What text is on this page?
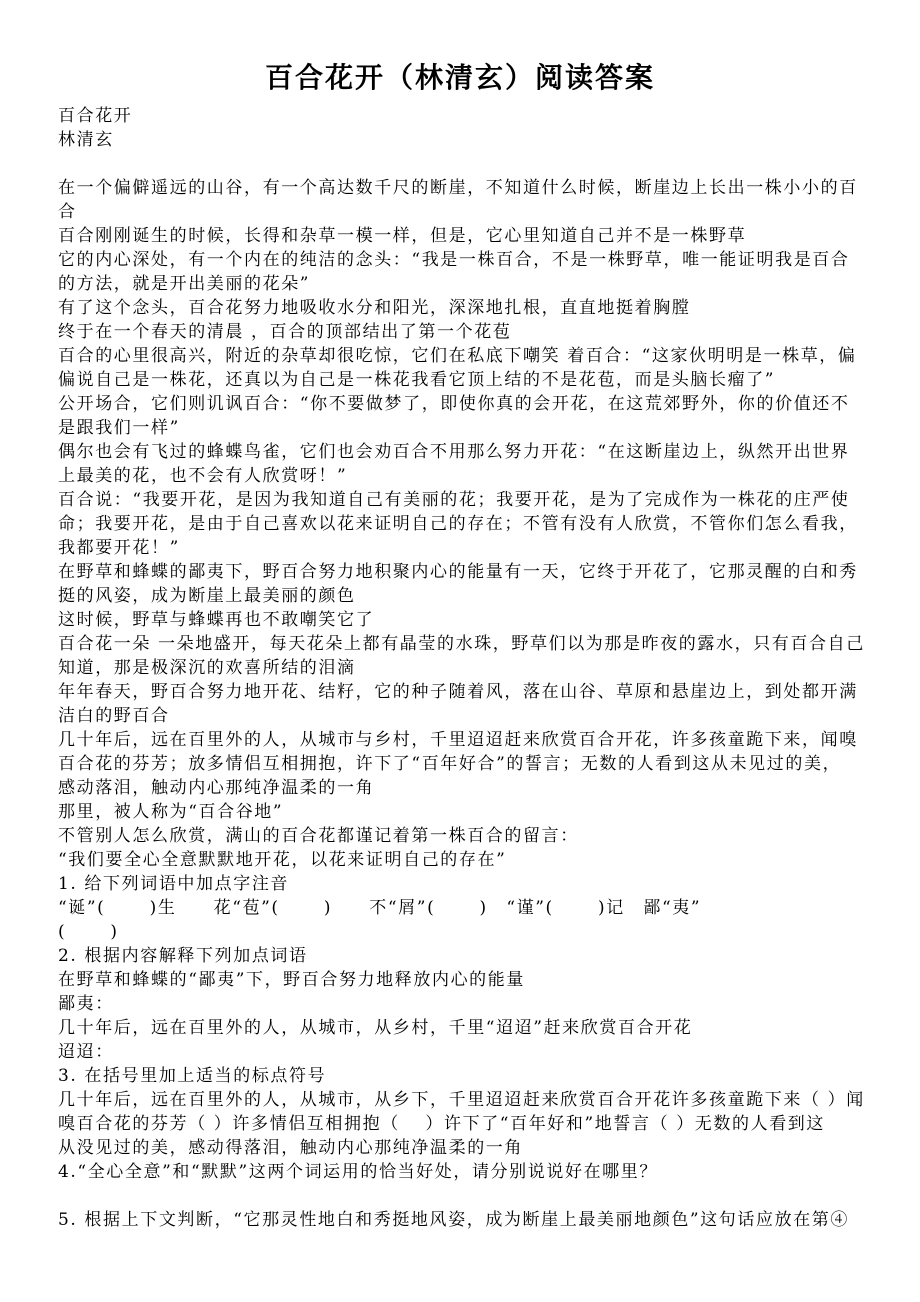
百合花开（林清玄）阅读答案
百合花开
林清玄
在一个偏僻遥远的山谷，有一个高达数千尺的断崖，不知道什么时候，断崖边上长出一株小小的百
合
百合刚刚诞生的时候，长得和杂草一模一样，但是，它心里知道自己并不是一株野草
它的内心深处，有一个内在的纯洁的念头：“我是一株百合，不是一株野草，唯一能证明我是百合
的方法，就是开出美丽的花朵”
有了这个念头，百合花努力地吸收水分和阳光，深深地扎根，直直地挺着胸膛
终于在一个春天的清晨 ，百合的顶部结出了第一个花苞
百合的心里很高兴，附近的杂草却很吃惊，它们在私底下嘲笑 着百合：“这家伙明明是一株草，偏
偏说自己是一株花，还真以为自己是一株花我看它顶上结的不是花苞，而是头脑长瘤了”
公开场合，它们则讥讽百合：“你不要做梦了，即使你真的会开花，在这荒郊野外，你的价值还不
是跟我们一样”
偶尔也会有飞过的蜂蝶鸟雀，它们也会劝百合不用那么努力开花：“在这断崖边上，纵然开出世界
上最美的花，也不会有人欣赏呀！”
百合说：“我要开花，是因为我知道自己有美丽的花；我要开花，是为了完成作为一株花的庄严使
命；我要开花，是由于自己喜欢以花来证明自己的存在；不管有没有人欣赏，不管你们怎么看我，
我都要开花！”
在野草和蜂蝶的鄙夷下，野百合努力地积聚内心的能量有一天，它终于开花了，它那灵醒的白和秀
挺的风姿，成为断崖上最美丽的颜色
这时候，野草与蜂蝶再也不敢嘲笑它了
百合花一朵 一朵地盛开，每天花朵上都有晶莹的水珠，野草们以为那是昨夜的露水，只有百合自己
知道，那是极深沉的欢喜所结的泪滴
年年春天，野百合努力地开花、结籽，它的种子随着风，落在山谷、草原和悬崖边上，到处都开满
洁白的野百合
几十年后，远在百里外的人，从城市与乡村，千里迢迢赶来欣赏百合开花，许多孩童跪下来，闻嗅
百合花的芬芳；放多情侣互相拥抱，许下了“百年好合”的誓言；无数的人看到这从未见过的美，
感动落泪，触动内心那纯净温柔的一角
那里，被人称为“百合谷地”
不管别人怎么欣赏，满山的百合花都谨记着第一株百合的留言：
“我们要全心全意默默地开花，以花来证明自己的存在”
1. 给下列词语中加点字注音
“诞”(　　 )生　　花“苞”(　　 )　　不“屑”(　　 )　“谨”(　　 )记　鄙“夷”
(　　 )
2. 根据内容解释下列加点词语
在野草和蜂蝶的“鄙夷”下，野百合努力地释放内心的能量
鄙夷：
几十年后，远在百里外的人，从城市，从乡村，千里“迢迢”赶来欣赏百合开花
迢迢：
3. 在括号里加上适当的标点符号
几十年后，远在百里外的人，从城市，从乡下，千里迢迢赶来欣赏百合开花许多孩童跪下来（ ）闻
嗅百合花的芬芳（ ）许多情侣互相拥抱（　 ）许下了“百年好和”地誓言（ ）无数的人看到这
从没见过的美，感动得落泪，触动内心那纯净温柔的一角
4.“全心全意”和“默默”这两个词运用的恰当好处，请分别说说好在哪里？
5. 根据上下文判断，“它那灵性地白和秀挺地风姿，成为断崖上最美丽地颜色”这句话应放在第④
